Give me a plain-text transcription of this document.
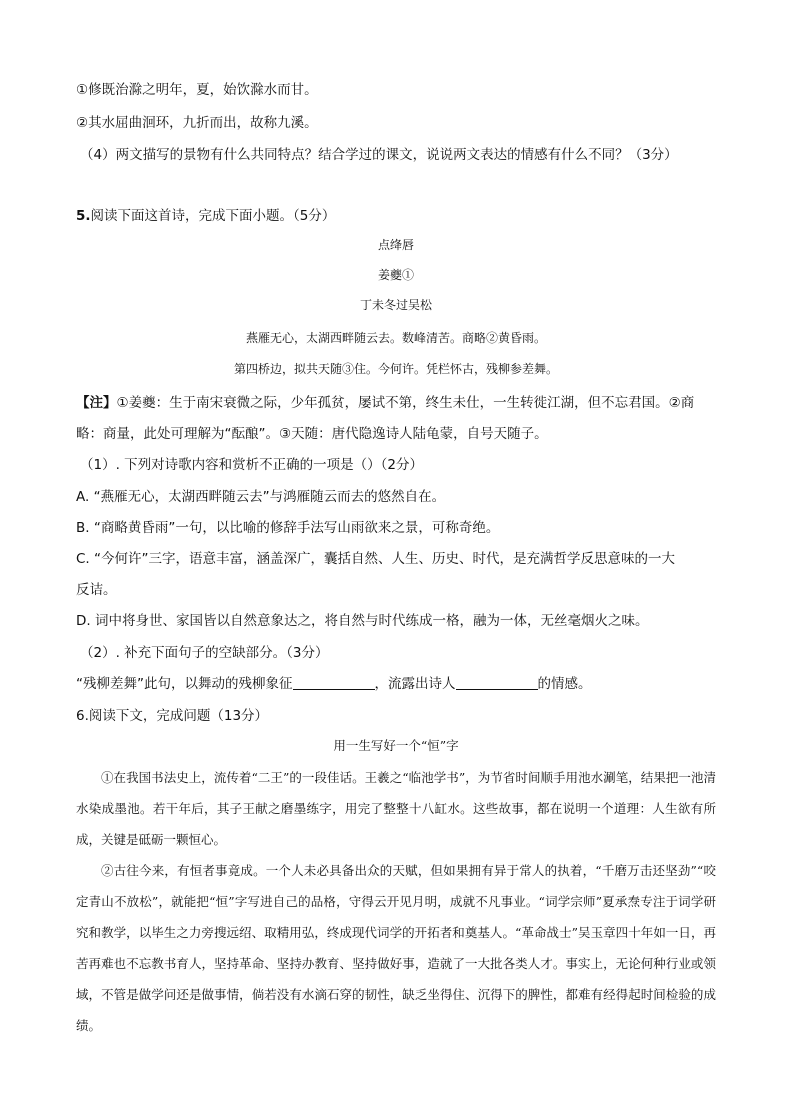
①修既治滁之明年，夏，始饮滁水而甘。
②其水屈曲洄环，九折而出，故称九溪。
（4）两文描写的景物有什么共同特点？结合学过的课文，说说两文表达的情感有什么不同？（3分）
5.阅读下面这首诗，完成下面小题。（5分）
点绛唇
姜夔①
丁未冬过吴松
燕雁无心，太湖西畔随云去。数峰清苦。商略②黄昏雨。
第四桥边，拟共天随③住。今何许。凭栏怀古，残柳参差舞。
【注】①姜夔：生于南宋衰微之际，少年孤贫，屡试不第，终生未仕，一生转徙江湖，但不忘君国。②商
略：商量，此处可理解为“酝酿”。③天随：唐代隐逸诗人陆龟蒙，自号天随子。
（1）. 下列对诗歌内容和赏析不正确的一项是（）（2分）
A. “燕雁无心，太湖西畔随云去”与鸿雁随云而去的悠然自在。
B. “商略黄昏雨”一句，以比喻的修辞手法写山雨欲来之景，可称奇绝。
C. “今何许”三字，语意丰富，涵盖深广，囊括自然、人生、历史、时代，是充满哲学反思意味的一大
反诘。
D. 词中将身世、家国皆以自然意象达之，将自然与时代练成一格，融为一体，无丝毫烟火之味。
（2）. 补充下面句子的空缺部分。（3分）
“残柳差舞”此句，以舞动的残柳象征	，流露出诗人	的情感。
6.阅读下文，完成问题（13分）
用一生写好一个“恒”字
①在我国书法史上，流传着“二王”的一段佳话。王羲之“临池学书”，为节省时间顺手用池水涮笔，结果把一池清水染成墨池。若干年后，其子王献之磨墨练字，用完了整整十八缸水。这些故事，都在说明一个道理：人生欲有所成，关键是砥砺一颗恒心。
②古往今来，有恒者事竟成。一个人未必具备出众的天赋，但如果拥有异于常人的执着，“千磨万击还坚劲”“咬定青山不放松”，就能把“恒”字写进自己的品格，守得云开见月明，成就不凡事业。“词学宗师”夏承焘专注于词学研究和教学，以毕生之力旁搜远绍、取精用弘，终成现代词学的开拓者和奠基人。“革命战士”吴玉章四十年如一日，再苦再难也不忘教书育人，坚持革命、坚持办教育、坚持做好事，造就了一大批各类人才。事实上，无论何种行业或领域，不管是做学问还是做事情，倘若没有水滴石穿的韧性，缺乏坐得住、沉得下的脾性，都难有经得起时间检验的成绩。
